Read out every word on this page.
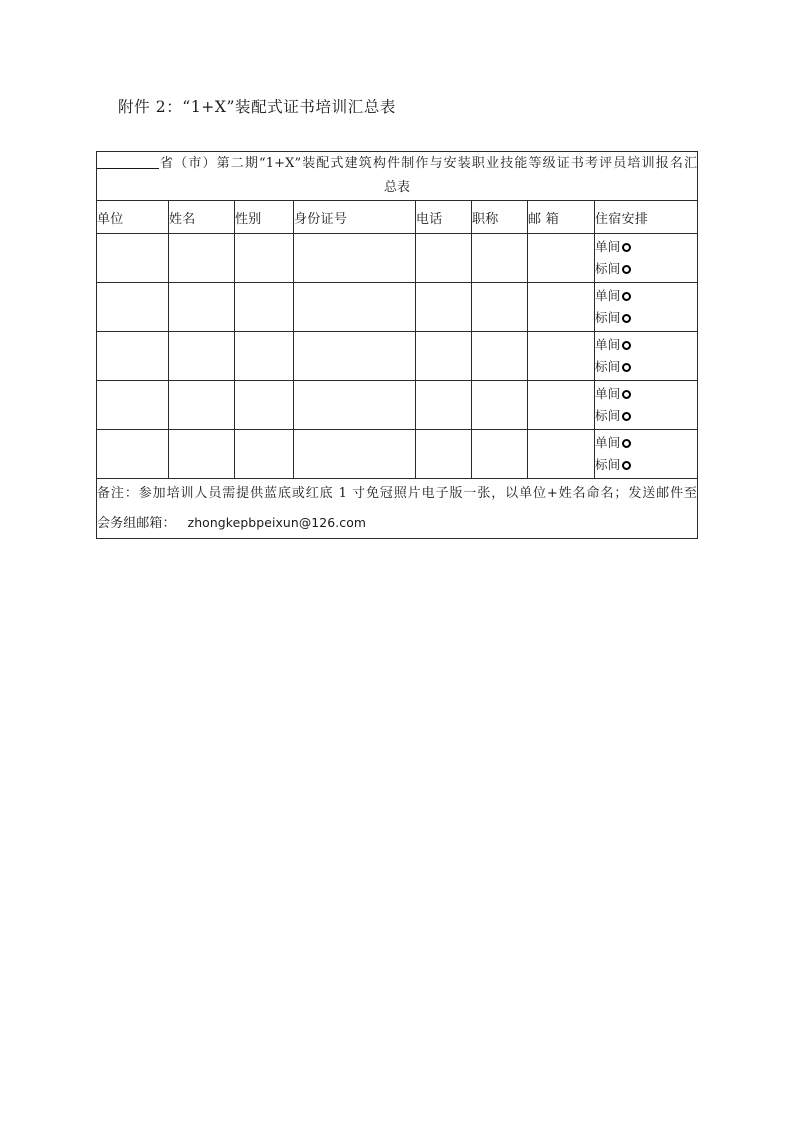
附件 2：“1+X”装配式证书培训汇总表
省（市）第二期“1+X”装配式建筑构件制作与安装职业技能等级证书考评员培训报名汇
总表							

单位	姓名	性别	身份证号	电话	职称	邮 箱	住宿安排

							单间
标间

							单间
标间

							单间
标间

							单间
标间

							单间
标间

备注：参加培训人员需提供蓝底或红底 1 寸免冠照片电子版一张，以单位+姓名命名；发送邮件至
会务组邮箱： zhongkepbpeixun@126.com							
